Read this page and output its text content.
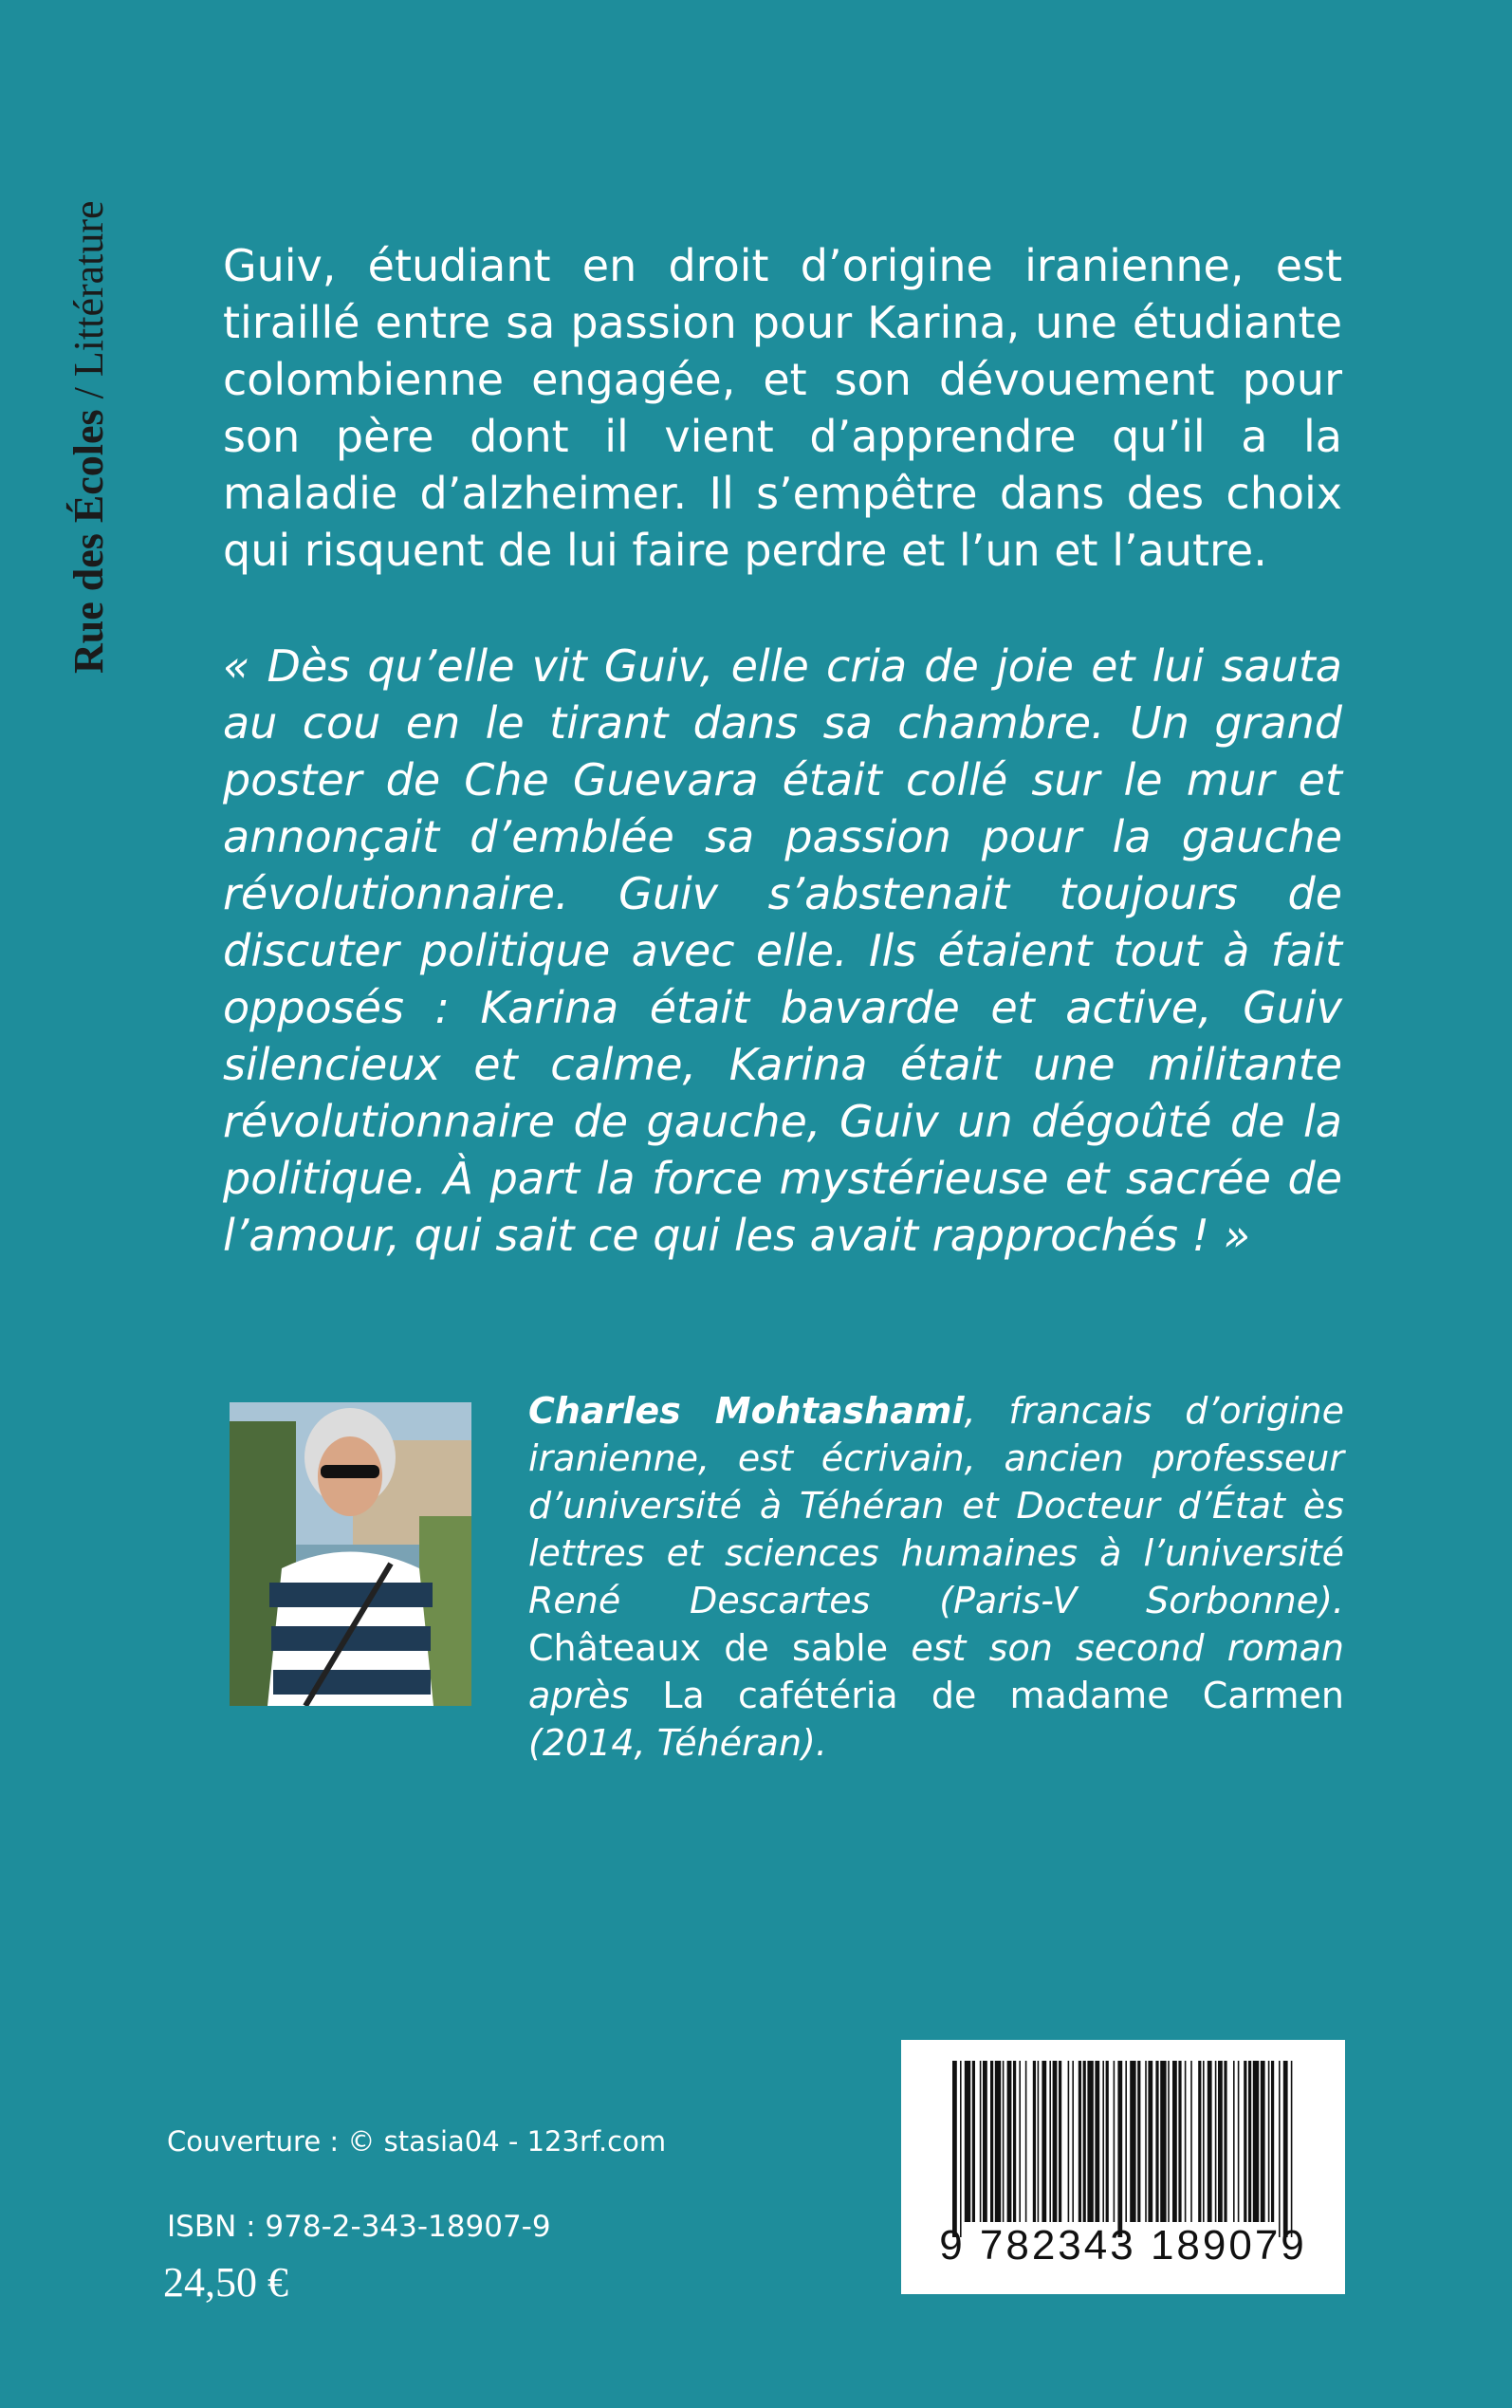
Rue des Écoles / Littérature	Guiv, étudiant en droit d’origine iranienne, est tiraillé entre sa passion pour Karina, une étudiante colombienne engagée, et son dévouement pour son père dont il vient d’apprendre qu’il a la maladie d’alzheimer. Il s’empêtre dans des choix qui risquent de lui faire perdre et l’un et l’autre.

« Dès qu’elle vit Guiv, elle cria de joie et lui sauta au cou en le tirant dans sa chambre. Un grand poster de Che Guevara était collé sur le mur et annonçait d’emblée sa passion pour la gauche révolutionnaire. Guiv s’abstenait toujours de discuter politique avec elle. Ils étaient tout à fait opposés : Karina était bavarde et active, Guiv silencieux et calme, Karina était une militante révolutionnaire de gauche, Guiv un dégoûté de la politique. À part la force mystérieuse et sacrée de l’amour, qui sait ce qui les avait rapprochés ! »

Charles Mohtashami, francais d’origine iranienne, est écrivain, ancien professeur d’université à Téhéran et Docteur d’État ès lettres et sciences humaines à l’université René Descartes (Paris-V Sorbonne). Châteaux de sable est son second roman après La cafétéria de madame Carmen (2014, Téhéran).

Couverture : © stasia04 - 123rf.com
ISBN : 978-2-343-18907-9
24,50 €
9 782343 189079
